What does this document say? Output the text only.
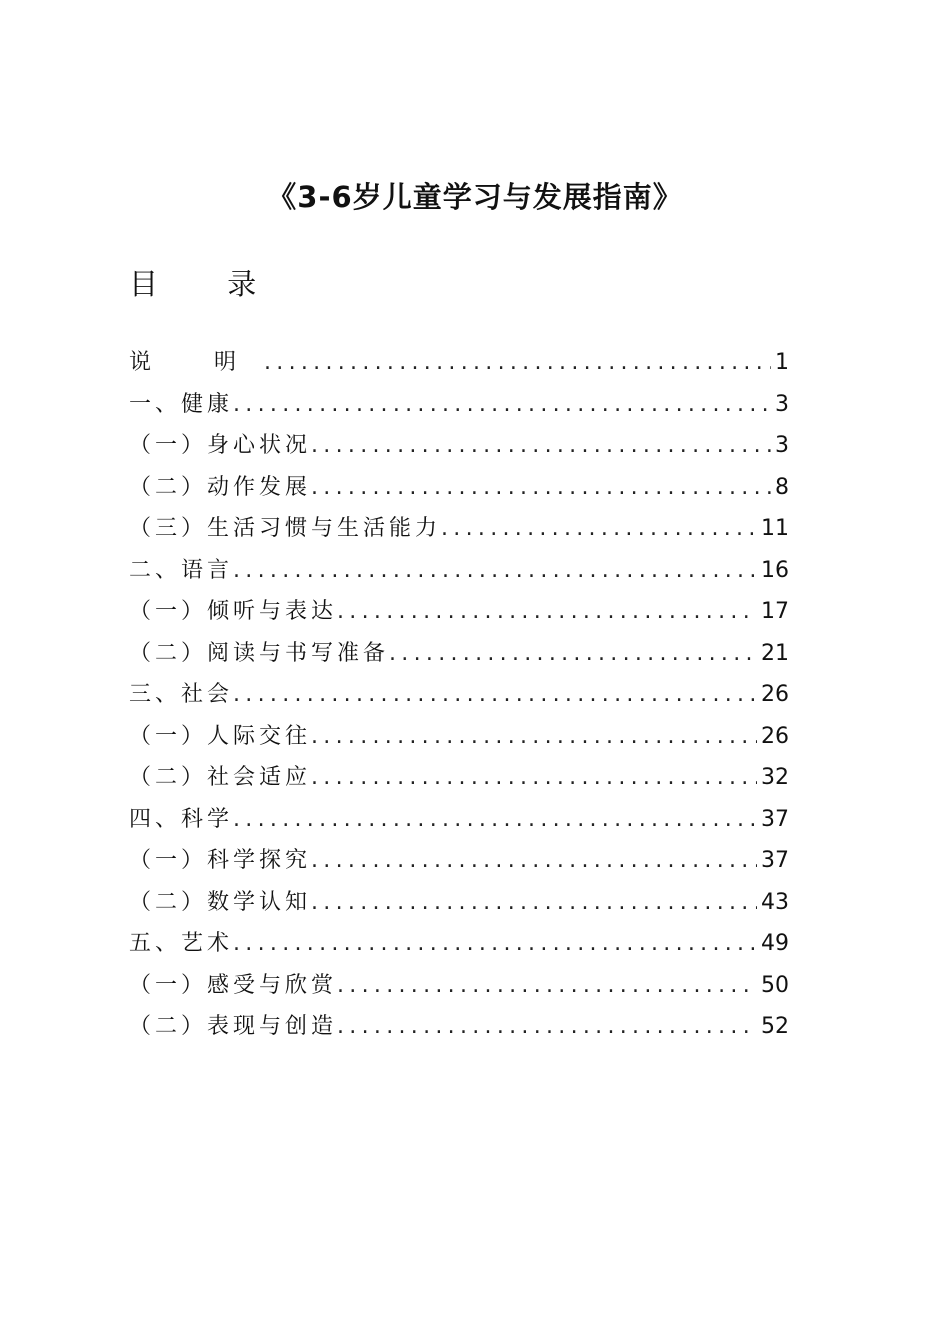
《3-6岁儿童学习与发展指南》
目 录
说 明 .....	1
一、健康 .....	3
（一）身心状况 .....	3
（二）动作发展 .....	8
（三）生活习惯与生活能力 .....	11
二、语言 .....	16
（一）倾听与表达 .....	17
（二）阅读与书写准备 .....	21
三、社会 .....	26
（一）人际交往 .....	26
（二）社会适应 .....	32
四、科学 .....	37
（一）科学探究 .....	37
（二）数学认知 .....	43
五、艺术 .....	49
（一）感受与欣赏 .....	50
（二）表现与创造 .....	52
